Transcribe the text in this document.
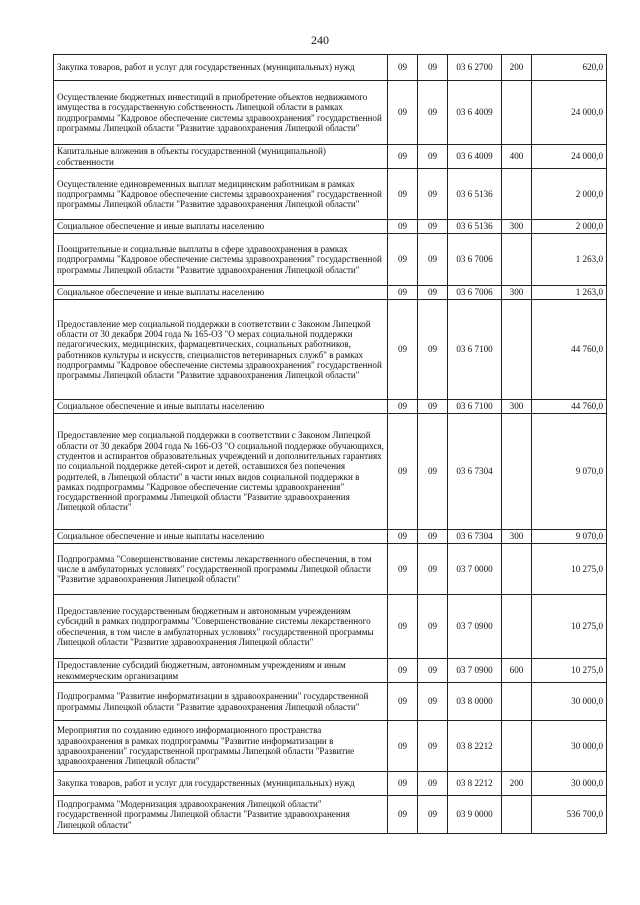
240
Закупка товаров, работ и услуг для государственных (муниципальных) нужд	09	09	03 6 2700	200	620,0
Осуществление бюджетных инвестиций в приобретение объектов недвижимого имущества в государственную собственность Липецкой области в рамках подпрограммы "Кадровое обеспечение системы здравоохранения" государственной программы Липецкой области "Развитие здравоохранения Липецкой области"	09	09	03 6 4009		24 000,0
Капитальные вложения в объекты государственной (муниципальной) собственности	09	09	03 6 4009	400	24 000,0
Осуществление единовременных выплат медицинским работникам в рамках подпрограммы "Кадровое обеспечение системы здравоохранения" государственной программы Липецкой области "Развитие здравоохранения Липецкой области"	09	09	03 6 5136		2 000,0
Социальное обеспечение и иные выплаты населению	09	09	03 6 5136	300	2 000,0
Поощрительные и социальные выплаты в сфере здравоохранения в рамках подпрограммы "Кадровое обеспечение системы здравоохранения" государственной программы Липецкой области "Развитие здравоохранения Липецкой области"	09	09	03 6 7006		1 263,0
Социальное обеспечение и иные выплаты населению	09	09	03 6 7006	300	1 263,0
Предоставление мер социальной поддержки в соответствии с Законом Липецкой области от 30 декабря 2004 года № 165-ОЗ "О мерах социальной поддержки педагогических, медицинских, фармацевтических, социальных работников, работников культуры и искусств, специалистов ветеринарных служб" в рамках подпрограммы "Кадровое обеспечение системы здравоохранения" государственной программы Липецкой области "Развитие здравоохранения Липецкой области"	09	09	03 6 7100		44 760,0
Социальное обеспечение и иные выплаты населению	09	09	03 6 7100	300	44 760,0
Предоставление мер социальной поддержки в соответствии с Законом Липецкой области от 30 декабря 2004 года № 166-ОЗ "О социальной поддержке обучающихся, студентов и аспирантов образовательных учреждений и дополнительных гарантиях по социальной поддержке детей-сирот и детей, оставшихся без попечения родителей, в Липецкой области" в части иных видов социальной поддержки в рамках подпрограммы "Кадровое обеспечение системы здравоохранения" государственной программы Липецкой области "Развитие здравоохранения Липецкой области"	09	09	03 6 7304		9 070,0
Социальное обеспечение и иные выплаты населению	09	09	03 6 7304	300	9 070,0
Подпрограмма "Совершенствование системы лекарственного обеспечения, в том числе в амбулаторных условиях" государственной программы Липецкой области "Развитие здравоохранения Липецкой области"	09	09	03 7 0000		10 275,0
Предоставление государственным бюджетным и автономным учреждениям субсидий в рамках подпрограммы "Совершенствование системы лекарственного обеспечения, в том числе в амбулаторных условиях" государственной программы Липецкой области "Развитие здравоохранения Липецкой области"	09	09	03 7 0900		10 275,0
Предоставление субсидий бюджетным, автономным учреждениям и иным некоммерческим организациям	09	09	03 7 0900	600	10 275,0
Подпрограмма "Развитие информатизации в здравоохранении" государственной программы Липецкой области "Развитие здравоохранения Липецкой области"	09	09	03 8 0000		30 000,0
Мероприятия по созданию единого информационного пространства здравоохранения в рамках подпрограммы "Развитие информатизации в здравоохранении" государственной программы Липецкой области "Развитие здравоохранения Липецкой области"	09	09	03 8 2212		30 000,0
Закупка товаров, работ и услуг для государственных (муниципальных) нужд	09	09	03 8 2212	200	30 000,0
Подпрограмма "Модернизация здравоохранения Липецкой области" государственной программы Липецкой области "Развитие здравоохранения Липецкой области"	09	09	03 9 0000		536 700,0
